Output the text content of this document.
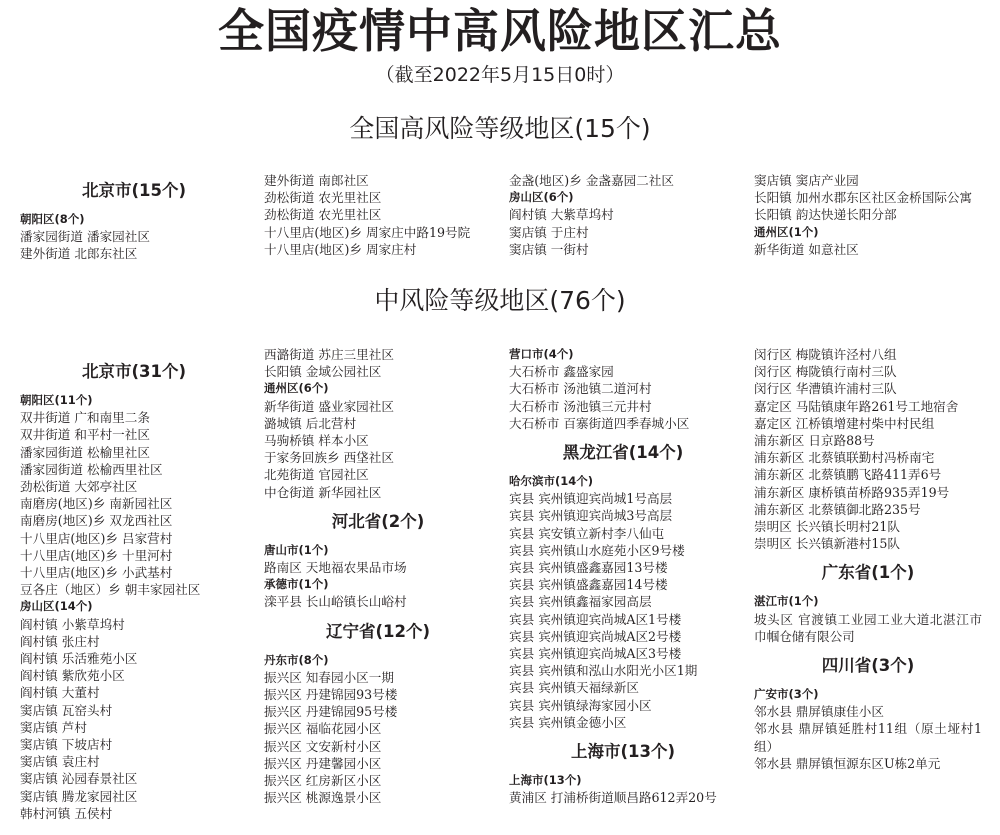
全国疫情中高风险地区汇总
（截至2022年5月15日0时）
全国高风险等级地区(15个)
北京市(15个)
朝阳区(8个)
潘家园街道 潘家园社区
建外街道 北郎东社区
建外街道 南郎社区
劲松街道 农光里社区
劲松街道 农光里社区
十八里店(地区)乡 周家庄中路19号院
十八里店(地区)乡 周家庄村
金盏(地区)乡 金盏嘉园二社区
房山区(6个)
阎村镇 大紫草坞村
窦店镇 于庄村
窦店镇 一街村
窦店镇 窦店产业园
长阳镇 加州水郡东区社区金桥国际公寓
长阳镇 韵达快递长阳分部
通州区(1个)
新华街道 如意社区
中风险等级地区(76个)
北京市(31个)
朝阳区(11个)
双井街道 广和南里二条
双井街道 和平村一社区
潘家园街道 松榆里社区
潘家园街道 松榆西里社区
劲松街道 大郊亭社区
南磨房(地区)乡 南新园社区
南磨房(地区)乡 双龙西社区
十八里店(地区)乡 吕家营村
十八里店(地区)乡 十里河村
十八里店(地区)乡 小武基村
豆各庄（地区）乡 朝丰家园社区
房山区(14个)
阎村镇 小紫草坞村
阎村镇 张庄村
阎村镇 乐活雅苑小区
阎村镇 紫欣苑小区
阎村镇 大董村
窦店镇 瓦窑头村
窦店镇 芦村
窦店镇 下坡店村
窦店镇 袁庄村
窦店镇 沁园春景社区
窦店镇 腾龙家园社区
韩村河镇 五侯村
西潞街道 苏庄三里社区
长阳镇 金域公园社区
通州区(6个)
新华街道 盛业家园社区
潞城镇 后北营村
马驹桥镇 样本小区
于家务回族乡 西垡社区
北苑街道 官园社区
中仓街道 新华园社区
河北省(2个)
唐山市(1个)
路南区 天地福农果品市场
承德市(1个)
滦平县 长山峪镇长山峪村
辽宁省(12个)
丹东市(8个)
振兴区 知春园小区一期
振兴区 丹建锦园93号楼
振兴区 丹建锦园95号楼
振兴区 福临花园小区
振兴区 文安新村小区
振兴区 丹建馨园小区
振兴区 红房新区小区
振兴区 桃源逸景小区
营口市(4个)
大石桥市 鑫盛家园
大石桥市 汤池镇二道河村
大石桥市 汤池镇三元井村
大石桥市 百寨街道四季春城小区
黑龙江省(14个)
哈尔滨市(14个)
宾县 宾州镇迎宾尚城1号高层
宾县 宾州镇迎宾尚城3号高层
宾县 宾安镇立新村李八仙屯
宾县 宾州镇山水庭苑小区9号楼
宾县 宾州镇盛鑫嘉园13号楼
宾县 宾州镇盛鑫嘉园14号楼
宾县 宾州镇鑫福家园高层
宾县 宾州镇迎宾尚城A区1号楼
宾县 宾州镇迎宾尚城A区2号楼
宾县 宾州镇迎宾尚城A区3号楼
宾县 宾州镇和泓山水阳光小区1期
宾县 宾州镇天福绿新区
宾县 宾州镇绿海家园小区
宾县 宾州镇金德小区
上海市(13个)
上海市(13个)
黄浦区 打浦桥街道顺昌路612弄20号
闵行区 梅陇镇许泾村八组
闵行区 梅陇镇行南村三队
闵行区 华漕镇许浦村三队
嘉定区 马陆镇康年路261号工地宿舍
嘉定区 江桥镇增建村柴中村民组
浦东新区 日京路88号
浦东新区 北蔡镇联勤村冯桥南宅
浦东新区 北蔡镇鹏飞路411弄6号
浦东新区 康桥镇苗桥路935弄19号
浦东新区 北蔡镇御北路235号
崇明区 长兴镇长明村21队
崇明区 长兴镇新港村15队
广东省(1个)
湛江市(1个)
坡头区 官渡镇工业园工业大道北湛江市巾帼仓储有限公司
四川省(3个)
广安市(3个)
邻水县 鼎屏镇康佳小区
邻水县 鼎屏镇延胜村11组（原土垭村1组）
邻水县 鼎屏镇恒源东区U栋2单元
